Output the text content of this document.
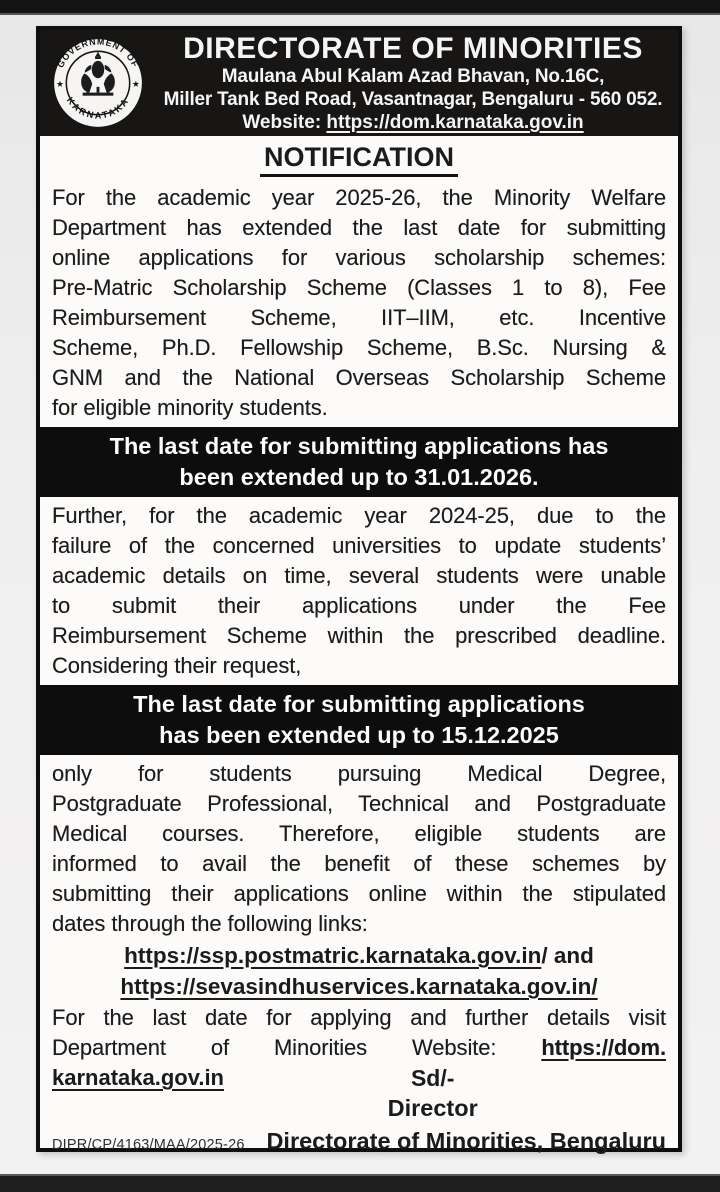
GOVERNMENT OF
KARNATAKA
★	★
DIRECTORATE OF MINORITIES
Maulana Abul Kalam Azad Bhavan, No.16C,
Miller Tank Bed Road, Vasantnagar, Bengaluru - 560 052.
Website: https://dom.karnataka.gov.in
NOTIFICATION
For the academic year 2025-26, the Minority Welfare
Department has extended the last date for submitting
online applications for various scholarship schemes:
Pre-Matric Scholarship Scheme (Classes 1 to 8), Fee
Reimbursement Scheme, IIT–IIM, etc. Incentive
Scheme, Ph.D. Fellowship Scheme, B.Sc. Nursing &
GNM and the National Overseas Scholarship Scheme
for eligible minority students.
The last date for submitting applications has
been extended up to 31.01.2026.
Further, for the academic year 2024-25, due to the
failure of the concerned universities to update students’
academic details on time, several students were unable
to submit their applications under the Fee
Reimbursement Scheme within the prescribed deadline.
Considering their request,
The last date for submitting applications
has been extended up to 15.12.2025
only for students pursuing Medical Degree,
Postgraduate Professional, Technical and Postgraduate
Medical courses. Therefore, eligible students are
informed to avail the benefit of these schemes by
submitting their applications online within the stipulated
dates through the following links:
https://ssp.postmatric.karnataka.gov.in/ and
https://sevasindhuservices.karnataka.gov.in/
For the last date for applying and further details visit
Department of Minorities Website: https://dom.
karnataka.gov.in	Sd/-
Director
DIPR/CP/4163/MAA/2025-26 Directorate of Minorities, Bengaluru
